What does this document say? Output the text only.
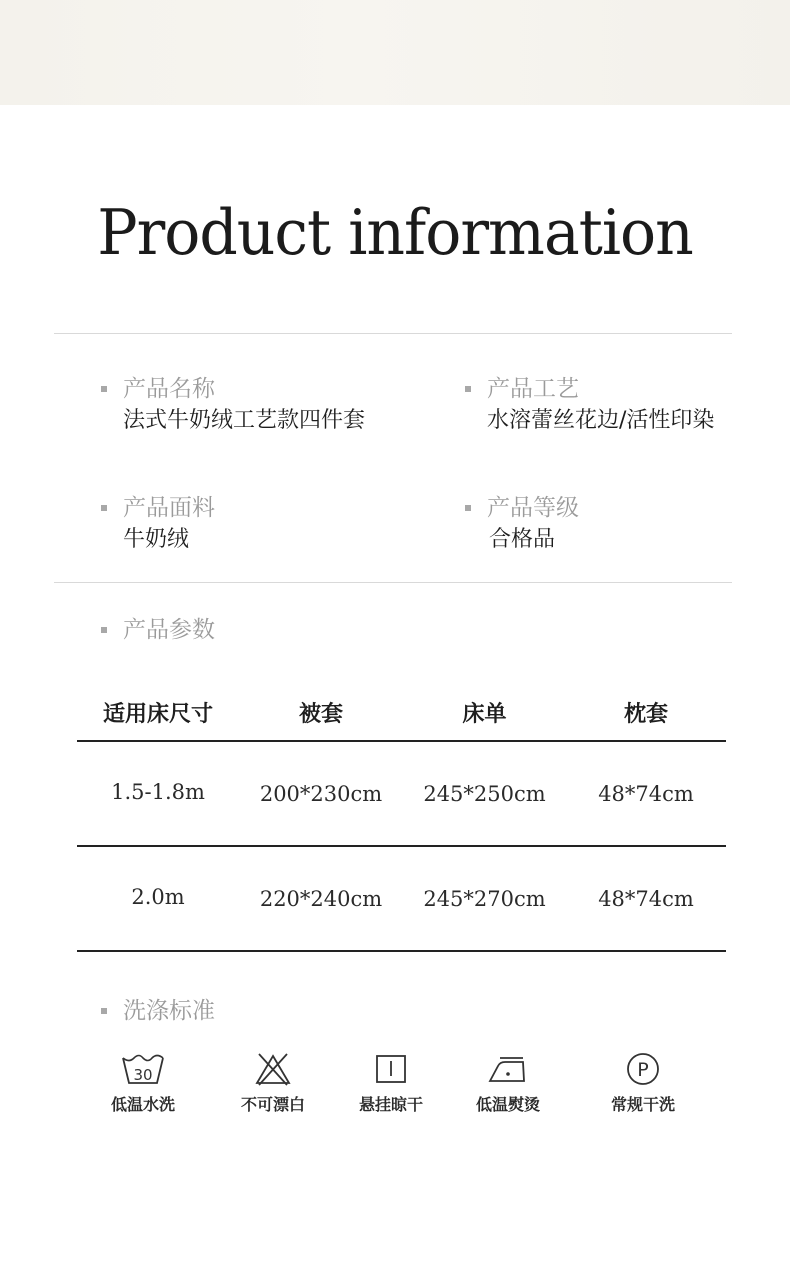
Product information
产品名称
法式牛奶绒工艺款四件套
产品工艺
水溶蕾丝花边/活性印染
产品面料
牛奶绒
产品等级
合格品
产品参数
适用床尺寸	被套	床单	枕套
1.5-1.8m	200*230cm	245*250cm	48*74cm
2.0m	220*240cm	245*270cm	48*74cm
洗涤标准
30
低温水洗	不可漂白	悬挂晾干	低温熨烫
P
常规干洗
